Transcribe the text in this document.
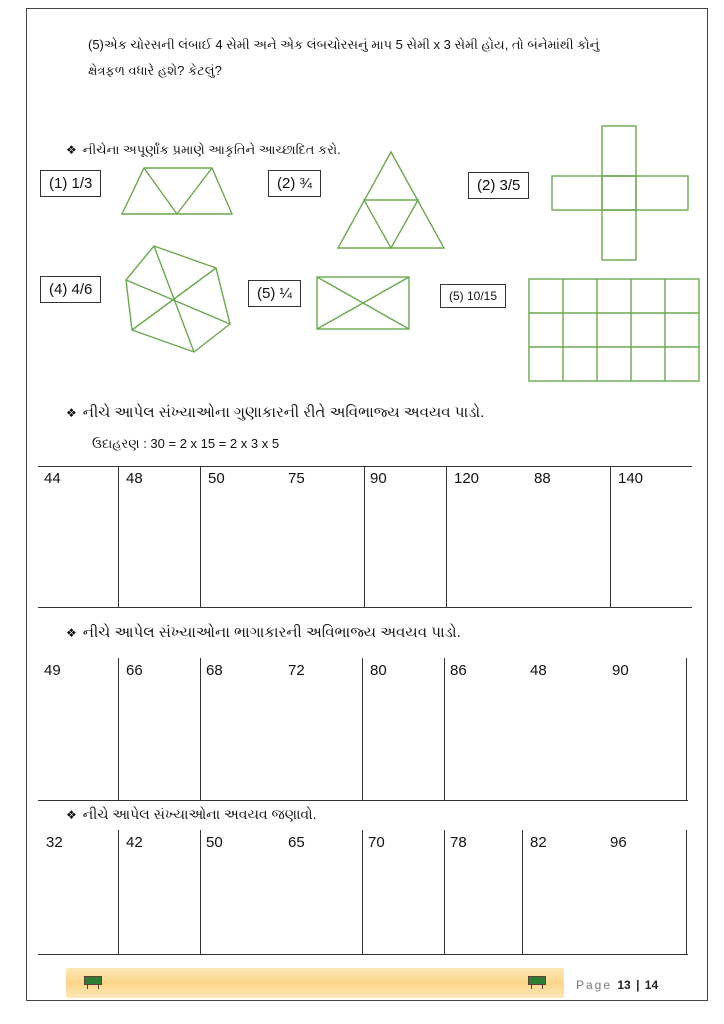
(5)એક ચોરસની લંબાઈ 4 સેમી અને એક લંબચોરસનું માપ 5 સેમી x 3 સેમી હોય, તો બંનેમાંથી કોનું
ક્ષેત્રફળ વધારે હશે? કેટલું?
❖ નીચેના અપૂર્ણાંક પ્રમાણે આકૃતિને આચ્છાદિત કરો.
(1) 1/3	(2) ¾	(2) 3/5
(4) 4/6	(5) ¼	(5) 10/15
❖ નીચે આપેલ સંખ્યાઓના ગુણાકારની રીતે અવિભાજ્ય અવયવ પાડો.
ઉદાહરણ : 30 = 2 x 15 = 2 x 3 x 5
44	48	50	75	90	120	88	140
❖ નીચે આપેલ સંખ્યાઓના ભાગાકારની અવિભાજ્ય અવયવ પાડો.
49	66	68	72	80	86	48	90
❖ નીચે આપેલ સંખ્યાઓના અવયવ જણાવો.
32	42	50	65	70	78	82	96
Page 13 | 14
